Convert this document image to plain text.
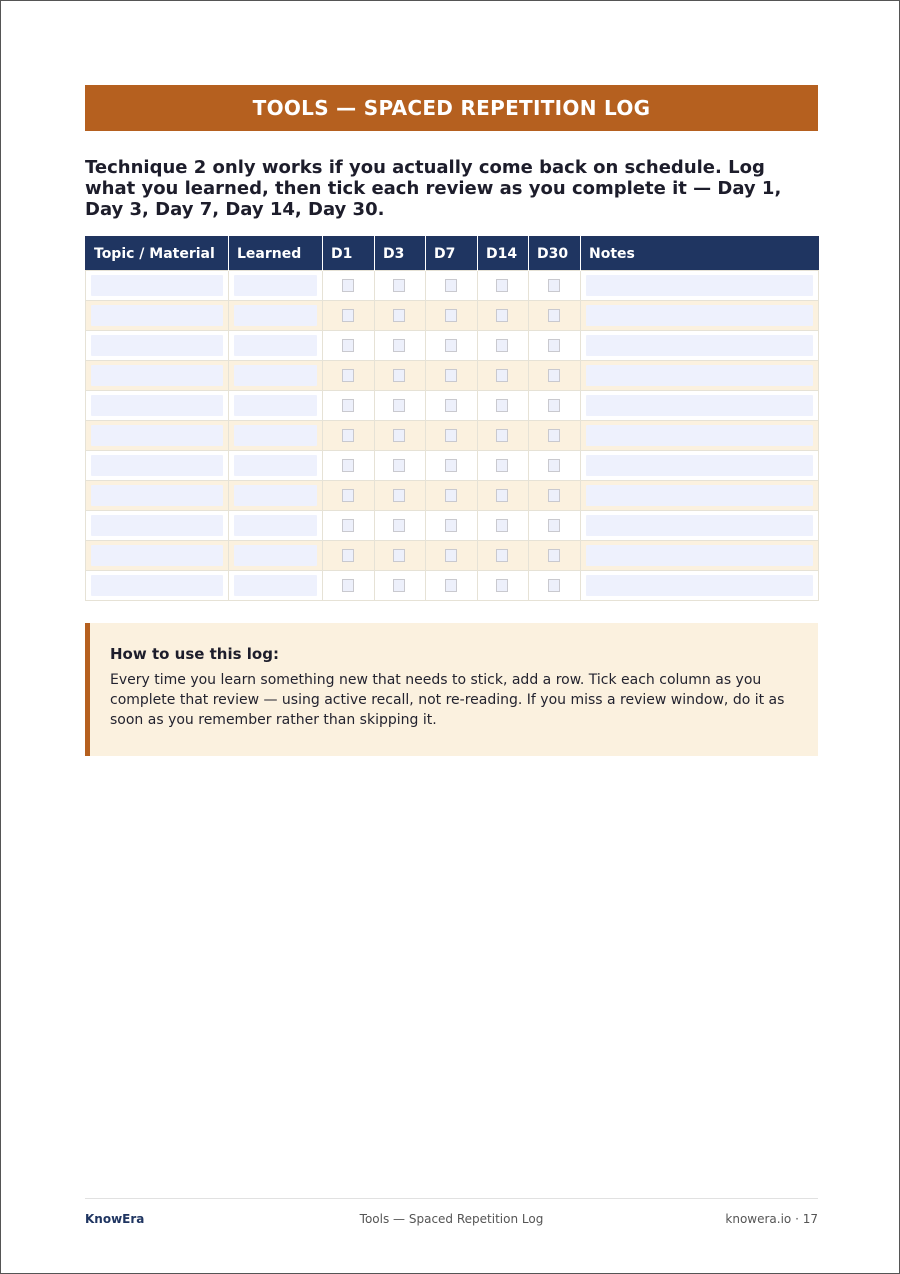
TOOLS — SPACED REPETITION LOG
Technique 2 only works if you actually come back on schedule. Log what you learned, then tick each review as you complete it — Day 1, Day 3, Day 7, Day 14, Day 30.
Topic / Material	Learned	D1	D3	D7	D14	D30	Notes

How to use this log:
Every time you learn something new that needs to stick, add a row. Tick each column as you complete that review — using active recall, not re-reading. If you miss a review window, do it as soon as you remember rather than skipping it.
Tools — Spaced Repetition Log
KnowEra	knowera.io · 17
